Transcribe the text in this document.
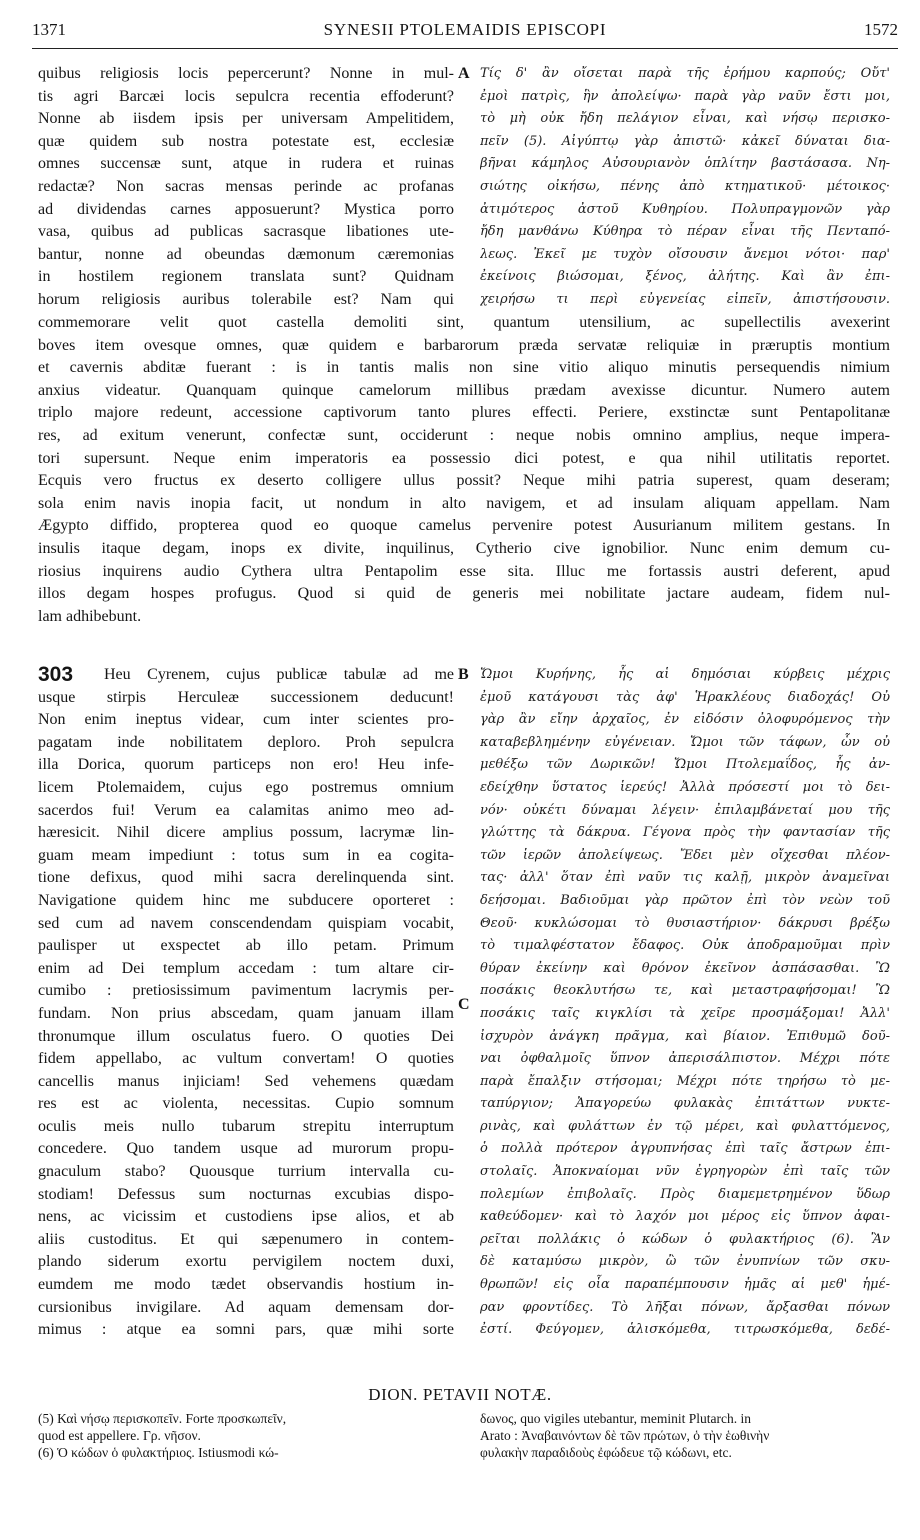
1371	SYNESII PTOLEMAIDIS EPISCOPI	1572
quibus religiosis locis pepercerunt? Nonne in mul-
tis agri Barcæi locis sepulcra recentia effoderunt?
Nonne ab iisdem ipsis per universam Ampelitidem,
quæ quidem sub nostra potestate est, ecclesiæ
omnes succensæ sunt, atque in rudera et ruinas
redactæ? Non sacras mensas perinde ac profanas
ad dividendas carnes apposuerunt? Mystica porro
vasa, quibus ad publicas sacrasque libationes ute-
bantur, nonne ad obeundas dæmonum cæremonias
in hostilem regionem translata sunt? Quidnam
horum religiosis auribus tolerabile est? Nam qui
A Τίς δ' ἂν οἴσεται παρὰ τῆς ἐρήμου καρπούς; Οὔτ'
ἐμοὶ πατρὶς, ἣν ἀπολείψω· παρὰ γὰρ ναῦν ἔστι μοι,
τὸ μὴ οὐκ ἤδη πελάγιον εἶναι, καὶ νήσῳ περισκο-
πεῖν (5). Αἰγύπτῳ γὰρ ἀπιστῶ· κἀκεῖ δύναται δια-
βῆναι κάμηλος Αὐσουριανὸν ὁπλίτην βαστάσασα. Νη-
σιώτης οἰκήσω, πένης ἀπὸ κτηματικοῦ· μέτοικος·
ἀτιμότερος ἀστοῦ Κυθηρίου. Πολυπραγμονῶν γὰρ
ἤδη μανθάνω Κύθηρα τὸ πέραν εἶναι τῆς Πενταπό-
λεως. Ἐκεῖ με τυχὸν οἴσουσιν ἄνεμοι νότοι· παρ'
ἐκείνοις βιώσομαι, ξένος, ἀλήτης. Καὶ ἂν ἐπι-
χειρήσω τι περὶ εὐγενείας εἰπεῖν, ἀπιστήσουσιν.
commemorare velit quot castella demoliti sint, quantum utensilium, ac supellectilis avexerint
boves item ovesque omnes, quæ quidem e barbarorum præda servatæ reliquiæ in præruptis montium
et cavernis abditæ fuerant : is in tantis malis non sine vitio aliquo minutis persequendis nimium
anxius videatur. Quanquam quinque camelorum millibus prædam avexisse dicuntur. Numero autem
triplo majore redeunt, accessione captivorum tanto plures effecti. Periere, exstinctæ sunt Pentapolitanæ
res, ad exitum venerunt, confectæ sunt, occiderunt : neque nobis omnino amplius, neque impera-
tori supersunt. Neque enim imperatoris ea possessio dici potest, e qua nihil utilitatis reportet.
Ecquis vero fructus ex deserto colligere ullus possit? Neque mihi patria superest, quam deseram;
sola enim navis inopia facit, ut nondum in alto navigem, et ad insulam aliquam appellam. Nam
Ægypto diffido, propterea quod eo quoque camelus pervenire potest Ausurianum militem gestans. In
insulis itaque degam, inops ex divite, inquilinus, Cytherio cive ignobilior. Nunc enim demum cu-
riosius inquirens audio Cythera ultra Pentapolim esse sita. Illuc me fortassis austri deferent, apud
illos degam hospes profugus. Quod si quid de generis mei nobilitate jactare audeam, fidem nul-
lam adhibebunt.
303	Heu Cyrenem, cujus publicæ tabulæ ad me
usque stirpis Herculeæ successionem deducunt!
Non enim ineptus videar, cum inter scientes pro-
pagatam inde nobilitatem deploro. Proh sepulcra
illa Dorica, quorum particeps non ero! Heu infe-
licem Ptolemaidem, cujus ego postremus omnium
sacerdos fui! Verum ea calamitas animo meo ad-
hæresicit. Nihil dicere amplius possum, lacrymæ lin-
guam meam impediunt : totus sum in ea cogita-
tione defixus, quod mihi sacra derelinquenda sint.
Navigatione quidem hinc me subducere oporteret :
sed cum ad navem conscendendam quispiam vocabit,
paulisper ut exspectet ab illo petam. Primum
enim ad Dei templum accedam : tum altare cir-
cumibo : pretiosissimum pavimentum lacrymis per-
fundam. Non prius abscedam, quam januam illam
thronumque illum osculatus fuero. O quoties Dei
fidem appellabo, ac vultum convertam! O quoties
cancellis manus injiciam! Sed vehemens quædam
res est ac violenta, necessitas. Cupio somnum
oculis meis nullo tubarum strepitu interruptum
concedere. Quo tandem usque ad murorum propu-
gnaculum stabo? Quousque turrium intervalla cu-
stodiam! Defessus sum nocturnas excubias dispo-
nens, ac vicissim et custodiens ipse alios, et ab
aliis custoditus. Et qui sæpenumero in contem-
plando siderum exortu pervigilem noctem duxi,
eumdem me modo tædet observandis hostium in-
cursionibus invigilare. Ad aquam demensam dor-
mimus : atque ea somni pars, quæ mihi sorte
B
C
Ὤμοι Κυρήνης, ἧς αἱ δημόσιαι κύρβεις μέχρις
ἐμοῦ κατάγουσι τὰς ἀφ' Ἡρακλέους διαδοχάς! Οὐ
γὰρ ἂν εἴην ἀρχαῖος, ἐν εἰδόσιν ὀλοφυρόμενος τὴν
καταβεβλημένην εὐγένειαν. Ὤμοι τῶν τάφων, ὧν οὐ
μεθέξω τῶν Δωρικῶν! Ὤμοι Πτολεμαΐδος, ἧς ἀν-
εδείχθην ὕστατος ἱερεύς! Ἀλλὰ πρόσεστί μοι τὸ δει-
νόν· οὐκέτι δύναμαι λέγειν· ἐπιλαμβάνεταί μου τῆς
γλώττης τὰ δάκρυα. Γέγονα πρὸς τὴν φαντασίαν τῆς
τῶν ἱερῶν ἀπολείψεως. Ἔδει μὲν οἴχεσθαι πλέον-
τας· ἀλλ' ὅταν ἐπὶ ναῦν τις καλῇ, μικρὸν ἀναμεῖναι
δεήσομαι. Βαδιοῦμαι γὰρ πρῶτον ἐπὶ τὸν νεὼν τοῦ
Θεοῦ· κυκλώσομαι τὸ θυσιαστήριον· δάκρυσι βρέξω
τὸ τιμαλφέστατον ἔδαφος. Οὐκ ἀποδραμοῦμαι πρὶν
θύραν ἐκείνην καὶ θρόνον ἐκεῖνον ἀσπάσασθαι. Ὢ
ποσάκις θεοκλυτήσω τε, καὶ μεταστραφήσομαι! Ὢ
ποσάκις ταῖς κιγκλίσι τὰ χεῖρε προσμάξομαι! Ἀλλ'
ἰσχυρὸν ἀνάγκη πρᾶγμα, καὶ βίαιον. Ἐπιθυμῶ δοῦ-
ναι ὀφθαλμοῖς ὕπνον ἀπερισάλπιστον. Μέχρι πότε
παρὰ ἔπαλξιν στήσομαι; Μέχρι πότε τηρήσω τὸ με-
ταπύργιον; Ἀπαγορεύω φυλακὰς ἐπιτάττων νυκτε-
ρινὰς, καὶ φυλάττων ἐν τῷ μέρει, καὶ φυλαττόμενος,
ὁ πολλὰ πρότερον ἀγρυπνήσας ἐπὶ ταῖς ἄστρων ἐπι-
στολαῖς. Ἀποκναίομαι νῦν ἐγρηγορὼν ἐπὶ ταῖς τῶν
πολεμίων ἐπιβολαῖς. Πρὸς διαμεμετρημένον ὕδωρ
καθεύδομεν· καὶ τὸ λαχόν μοι μέρος εἰς ὕπνον ἀφαι-
ρεῖται πολλάκις ὁ κώδων ὁ φυλακτήριος (6). Ἂν
δὲ καταμύσω μικρὸν, ὢ τῶν ἐνυπνίων τῶν σκυ-
θρωπῶν! εἰς οἷα παραπέμπουσιν ἡμᾶς αἱ μεθ' ἡμέ-
ραν φροντίδες. Τὸ λῆξαι πόνων, ἄρξασθαι πόνων
ἐστί. Φεύγομεν, ἁλισκόμεθα, τιτρωσκόμεθα, δεδέ-
DION. PETAVII NOTÆ.
(5) Καὶ νήσῳ περισκοπεῖν. Forte προσκωπεῖν,
quod est appellere. Γρ. νῆσον.
(6) Ὁ κώδων ὁ φυλακτήριος. Istiusmodi κώ-
δωνος, quo vigiles utebantur, meminit Plutarch. in
Arato : Ἀναβαινόντων δὲ τῶν πρώτων, ὁ τὴν ἑωθινὴν
φυλακὴν παραδιδοὺς ἐφώδευε τῷ κώδωνι, etc.
